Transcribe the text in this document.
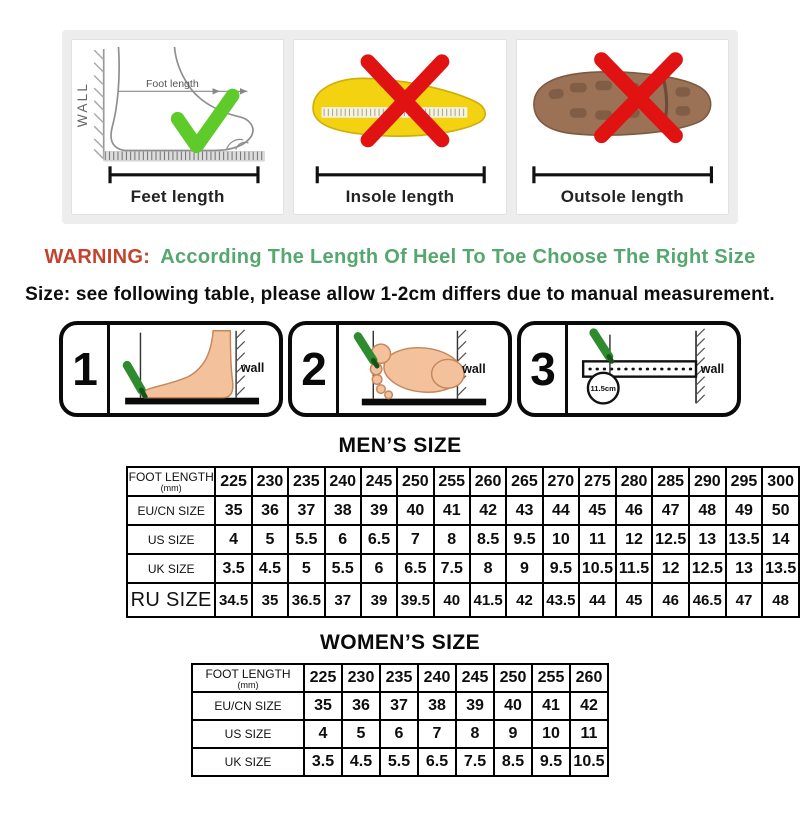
WALL	Foot length
Feet length	Insole length	Outsole length
WARNING: According The Length Of Heel To Toe Choose The Right Size
Size: see following table, please allow 1-2cm differs due to manual measurement.
1	wall 2	wall 3	11.5cm
wall
MEN’S SIZE
FOOT LENGTH
(mm)	225	230	235	240	245	250	255	260	265	270	275	280	285	290	295	300
EU/CN SIZE	35	36	37	38	39	40	41	42	43	44	45	46	47	48	49	50
US SIZE	4	5	5.5	6	6.5	7	8	8.5	9.5	10	11	12	12.5	13	13.5	14
UK SIZE	3.5	4.5	5	5.5	6	6.5	7.5	8	9	9.5	10.5	11.5	12	12.5	13	13.5
RU SIZE	34.5	35	36.5	37	39	39.5	40	41.5	42	43.5	44	45	46	46.5	47	48
WOMEN’S SIZE
FOOT LENGTH
(mm)	225	230	235	240	245	250	255	260
EU/CN SIZE	35	36	37	38	39	40	41	42
US SIZE	4	5	6	7	8	9	10	11
UK SIZE	3.5	4.5	5.5	6.5	7.5	8.5	9.5	10.5
